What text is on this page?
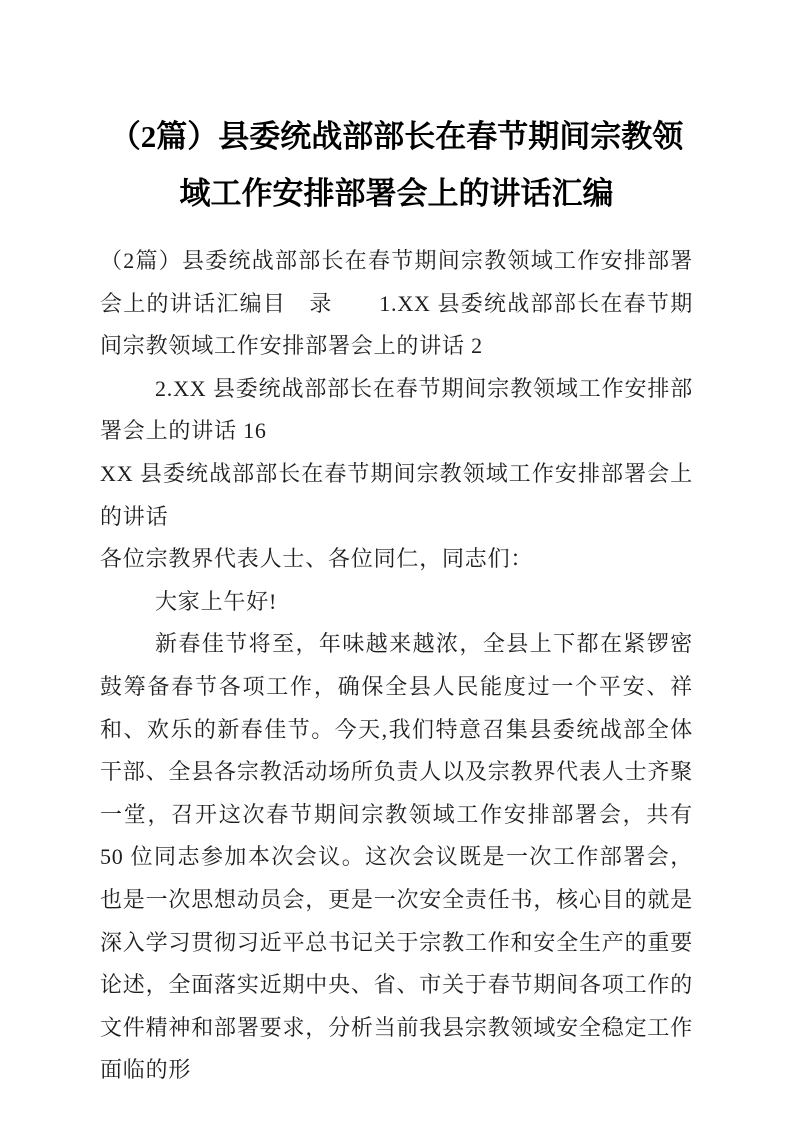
（2篇）县委统战部部长在春节期间宗教领域工作安排部署会上的讲话汇编

（2篇）县委统战部部长在春节期间宗教领域工作安排部署会上的讲话汇编目　录　　1.XX 县委统战部部长在春节期间宗教领域工作安排部署会上的讲话 2

2.XX 县委统战部部长在春节期间宗教领域工作安排部署会上的讲话 16

XX 县委统战部部长在春节期间宗教领域工作安排部署会上的讲话

各位宗教界代表人士、各位同仁，同志们：

大家上午好!

新春佳节将至，年味越来越浓，全县上下都在紧锣密鼓筹备春节各项工作，确保全县人民能度过一个平安、祥和、欢乐的新春佳节。今天,我们特意召集县委统战部全体干部、全县各宗教活动场所负责人以及宗教界代表人士齐聚一堂，召开这次春节期间宗教领域工作安排部署会，共有 50 位同志参加本次会议。这次会议既是一次工作部署会，也是一次思想动员会，更是一次安全责任书，核心目的就是深入学习贯彻习近平总书记关于宗教工作和安全生产的重要论述，全面落实近期中央、省、市关于春节期间各项工作的文件精神和部署要求，分析当前我县宗教领域安全稳定工作面临的形
